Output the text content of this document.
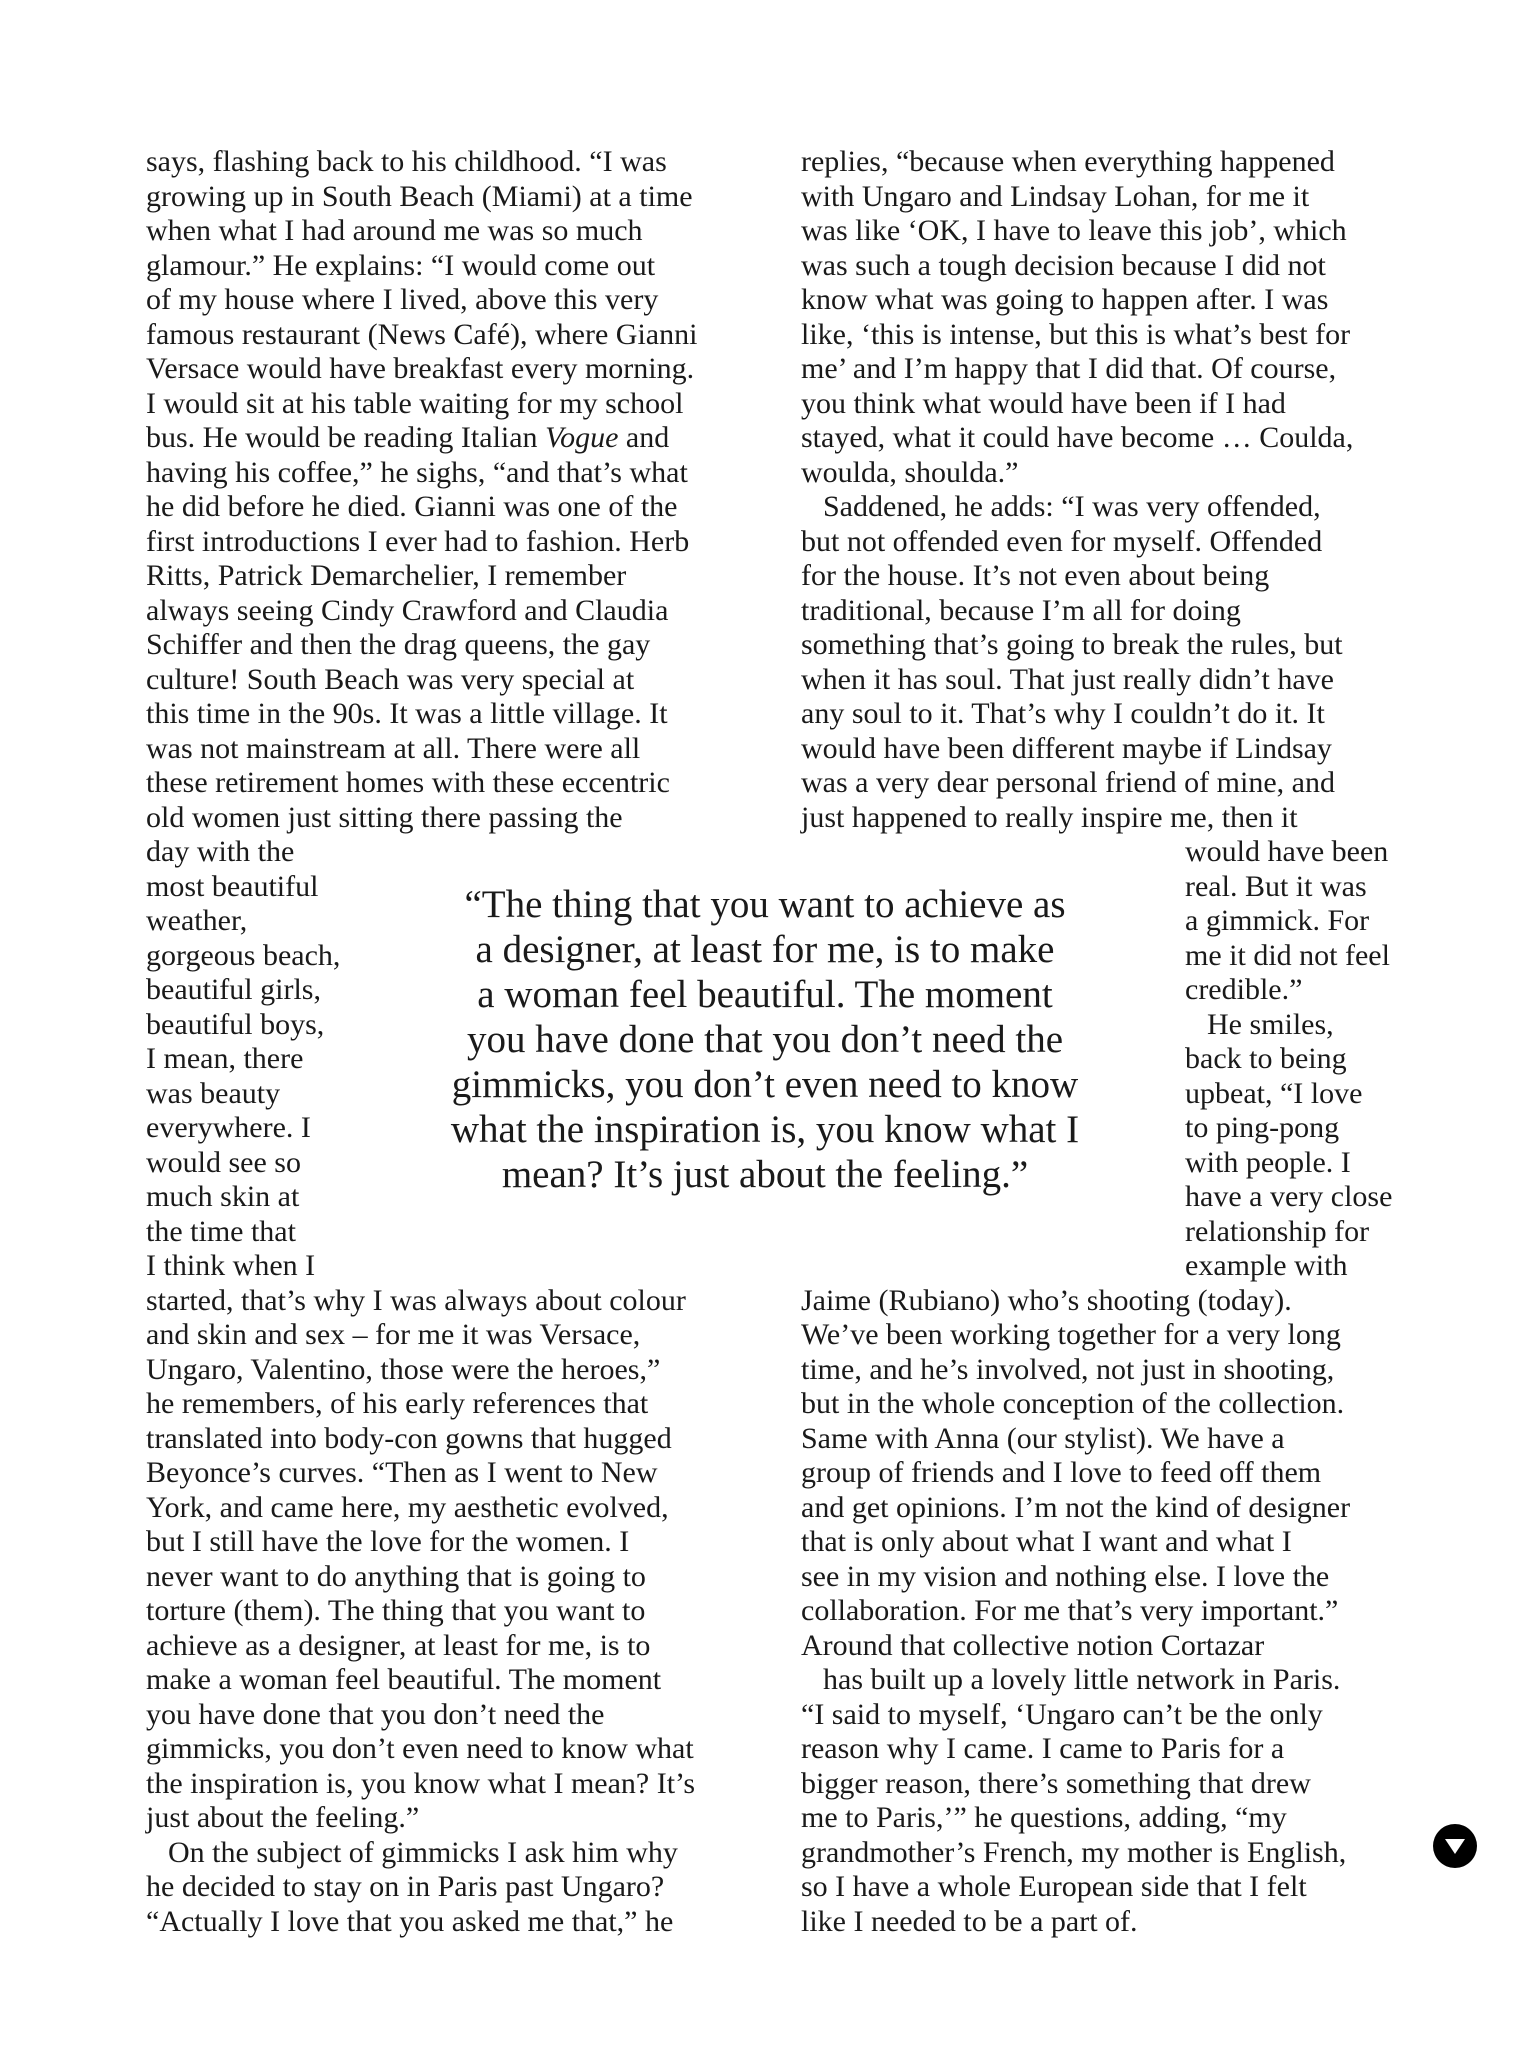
says, flashing back to his childhood. “I was
growing up in South Beach (Miami) at a time
when what I had around me was so much
glamour.” He explains: “I would come out
of my house where I lived, above this very
famous restaurant (News Café), where Gianni
Versace would have breakfast every morning.
I would sit at his table waiting for my school
bus. He would be reading Italian Vogue and
having his coffee,” he sighs, “and that’s what
he did before he died. Gianni was one of the
first introductions I ever had to fashion. Herb
Ritts, Patrick Demarchelier, I remember
always seeing Cindy Crawford and Claudia
Schiffer and then the drag queens, the gay
culture! South Beach was very special at
this time in the 90s. It was a little village. It
was not mainstream at all. There were all
these retirement homes with these eccentric
old women just sitting there passing the
day with the
most beautiful
weather,
gorgeous beach,
beautiful girls,
beautiful boys,
I mean, there
was beauty
everywhere. I
would see so
much skin at
the time that
I think when I
started, that’s why I was always about colour
and skin and sex – for me it was Versace,
Ungaro, Valentino, those were the heroes,”
he remembers, of his early references that
translated into body-con gowns that hugged
Beyonce’s curves. “Then as I went to New
York, and came here, my aesthetic evolved,
but I still have the love for the women. I
never want to do anything that is going to
torture (them). The thing that you want to
achieve as a designer, at least for me, is to
make a woman feel beautiful. The moment
you have done that you don’t need the
gimmicks, you don’t even need to know what
the inspiration is, you know what I mean? It’s
just about the feeling.”
On the subject of gimmicks I ask him why
he decided to stay on in Paris past Ungaro?
“Actually I love that you asked me that,” he
replies, “because when everything happened
with Ungaro and Lindsay Lohan, for me it
was like ‘OK, I have to leave this job’, which
was such a tough decision because I did not
know what was going to happen after. I was
like, ‘this is intense, but this is what’s best for
me’ and I’m happy that I did that. Of course,
you think what would have been if I had
stayed, what it could have become … Coulda,
woulda, shoulda.”
Saddened, he adds: “I was very offended,
but not offended even for myself. Offended
for the house. It’s not even about being
traditional, because I’m all for doing
something that’s going to break the rules, but
when it has soul. That just really didn’t have
any soul to it. That’s why I couldn’t do it. It
would have been different maybe if Lindsay
was a very dear personal friend of mine, and
just happened to really inspire me, then it
would have been
real. But it was
a gimmick. For
me it did not feel
credible.”
He smiles,
back to being
upbeat, “I love
to ping-pong
with people. I
have a very close
relationship for
example with
Jaime (Rubiano) who’s shooting (today).
We’ve been working together for a very long
time, and he’s involved, not just in shooting,
but in the whole conception of the collection.
Same with Anna (our stylist). We have a
group of friends and I love to feed off them
and get opinions. I’m not the kind of designer
that is only about what I want and what I
see in my vision and nothing else. I love the
collaboration. For me that’s very important.”
Around that collective notion Cortazar
has built up a lovely little network in Paris.
“I said to myself, ‘Ungaro can’t be the only
reason why I came. I came to Paris for a
bigger reason, there’s something that drew
me to Paris,’” he questions, adding, “my
grandmother’s French, my mother is English,
so I have a whole European side that I felt
like I needed to be a part of.
“The thing that you want to achieve as
a designer, at least for me, is to make
a woman feel beautiful. The moment
you have done that you don’t need the
gimmicks, you don’t even need to know
what the inspiration is, you know what I
mean? It’s just about the feeling.”
